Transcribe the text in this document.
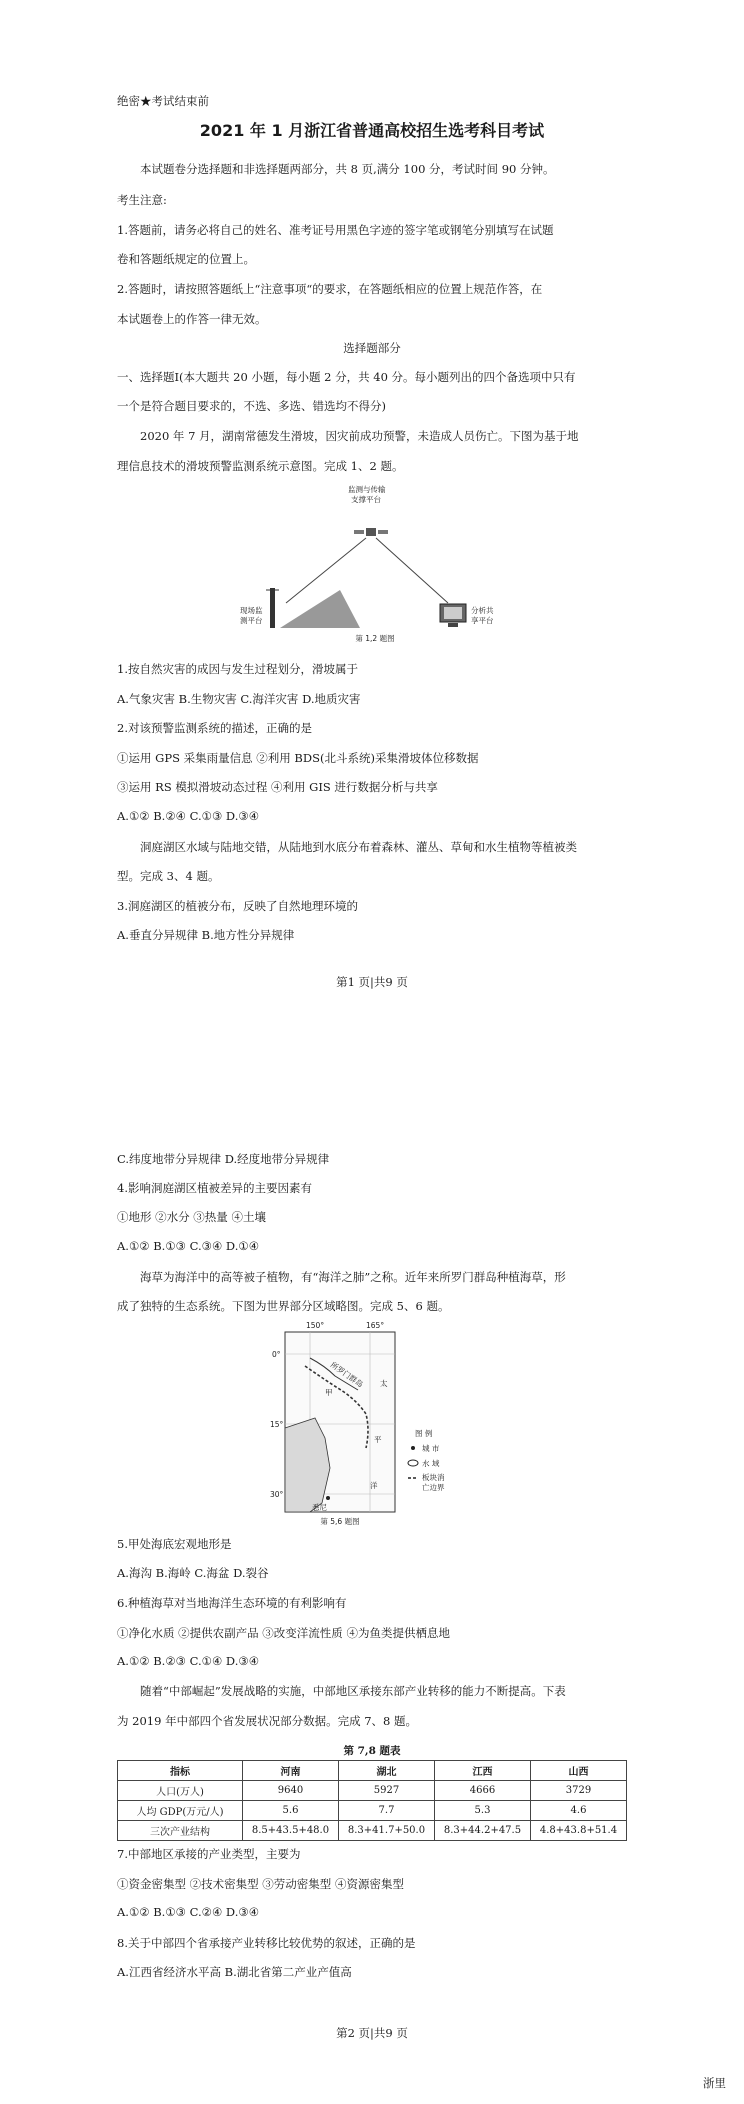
绝密★考试结束前
2021 年 1 月浙江省普通高校招生选考科目考试
本试题卷分选择题和非选择题两部分，共 8 页,满分 100 分，考试时间 90 分钟。
考生注意:
1.答题前，请务必将自己的姓名、准考证号用黑色字迹的签字笔或钢笔分别填写在试题
卷和答题纸规定的位置上。
2.答题时，请按照答题纸上“注意事项“的要求，在答题纸相应的位置上规范作答，在
本试题卷上的作答一律无效。
选择题部分
一、选择题Ⅰ(本大题共 20 小题，每小题 2 分，共 40 分。每小题列出的四个备选项中只有
一个是符合题目要求的，不选、多选、错选均不得分)
2020 年 7 月，湖南常德发生滑坡，因灾前成功预警，未造成人员伤亡。下图为基于地
理信息技术的滑坡预警监测系统示意图。完成 1、2 题。
监测与传输
支撑平台
现场监
测平台
分析共
享平台
第 1,2 题图
1.按自然灾害的成因与发生过程划分，滑坡属于
A.气象灾害 B.生物灾害 C.海洋灾害 D.地质灾害
2.对该预警监测系统的描述，正确的是
①运用 GPS 采集雨量信息 ②利用 BDS(北斗系统)采集滑坡体位移数据
③运用 RS 模拟滑坡动态过程 ④利用 GIS 进行数据分析与共享
A.①② B.②④ C.①③ D.③④
洞庭湖区水域与陆地交错，从陆地到水底分布着森林、灌丛、草甸和水生植物等植被类
型。完成 3、4 题。
3.洞庭湖区的植被分布，反映了自然地理环境的
A.垂直分异规律 B.地方性分异规律
第1 页|共9 页
C.纬度地带分异规律 D.经度地带分异规律
4.影响洞庭湖区植被差异的主要因素有
①地形 ②水分 ③热量 ④土壤
A.①② B.①③ C.③④ D.①④
海草为海洋中的高等被子植物，有“海洋之肺”之称。近年来所罗门群岛种植海草，形
成了独特的生态系统。下图为世界部分区域略图。完成 5、6 题。
150°	165°
0°
15°
30°
所罗门群岛
甲
太
平
洋
悉尼
图 例
城 市
水 域
板块消
亡边界
第 5,6 题图
5.甲处海底宏观地形是
A.海沟 B.海岭 C.海盆 D.裂谷
6.种植海草对当地海洋生态环境的有利影响有
①净化水质 ②提供农副产品 ③改变洋流性质 ④为鱼类提供栖息地
A.①② B.②③ C.①④ D.③④
随着“中部崛起”发展战略的实施，中部地区承接东部产业转移的能力不断提高。下表
为 2019 年中部四个省发展状况部分数据。完成 7、8 题。
第 7,8 题表
指标	河南	湖北	江西	山西
人口(万人)	9640	5927	4666	3729
人均 GDP(万元/人)	5.6	7.7	5.3	4.6
三次产业结构	8.5+43.5+48.0	8.3+41.7+50.0	8.3+44.2+47.5	4.8+43.8+51.4
7.中部地区承接的产业类型，主要为
①资金密集型 ②技术密集型 ③劳动密集型 ④资源密集型
A.①② B.①③ C.②④ D.③④
8.关于中部四个省承接产业转移比较优势的叙述，正确的是
A.江西省经济水平高 B.湖北省第二产业产值高
第2 页|共9 页
浙里
